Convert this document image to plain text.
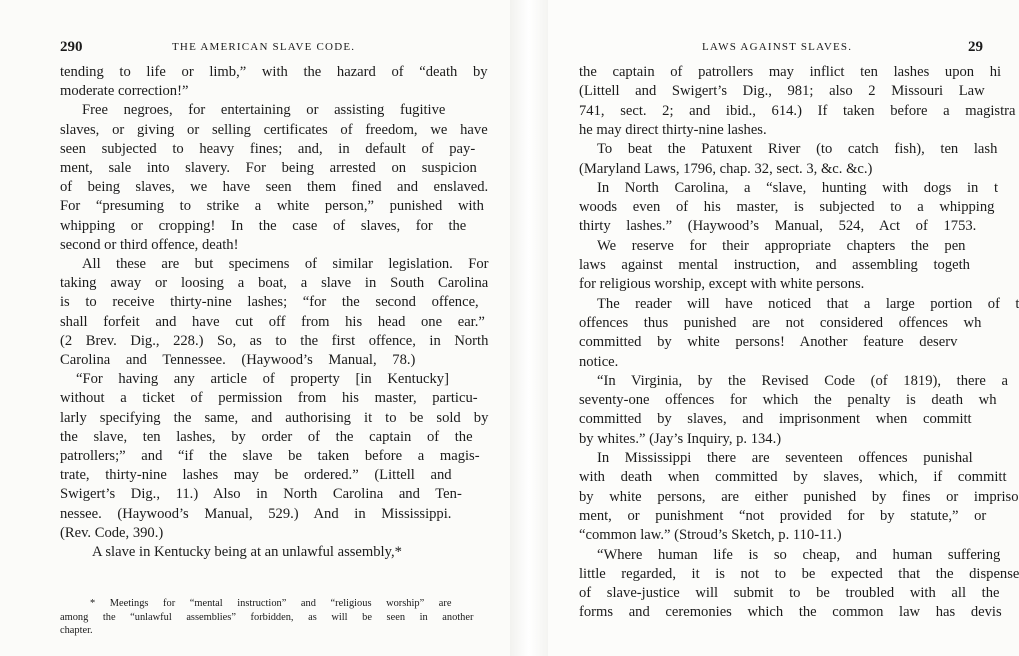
290	THE AMERICAN SLAVE CODE.
tending to life or limb,” with the hazard of “death by
moderate correction!”
Free negroes, for entertaining or assisting fugitive
slaves, or giving or selling certificates of freedom, we have
seen subjected to heavy fines; and, in default of pay-
ment, sale into slavery. For being arrested on suspicion
of being slaves, we have seen them fined and enslaved.
For “presuming to strike a white person,” punished with
whipping or cropping! In the case of slaves, for the
second or third offence, death!
All these are but specimens of similar legislation. For
taking away or loosing a boat, a slave in South Carolina
is to receive thirty-nine lashes; “for the second offence,
shall forfeit and have cut off from his head one ear.”
(2 Brev. Dig., 228.) So, as to the first offence, in North
Carolina and Tennessee. (Haywood’s Manual, 78.)
“For having any article of property [in Kentucky]
without a ticket of permission from his master, particu-
larly specifying the same, and authorising it to be sold by
the slave, ten lashes, by order of the captain of the
patrollers;” and “if the slave be taken before a magis-
trate, thirty-nine lashes may be ordered.” (Littell and
Swigert’s Dig., 11.) Also in North Carolina and Ten-
nessee. (Haywood’s Manual, 529.) And in Mississippi.
(Rev. Code, 390.)
A slave in Kentucky being at an unlawful assembly,*
* Meetings for “mental instruction” and “religious worship” are
among the “unlawful assemblies” forbidden, as will be seen in another
chapter.
LAWS AGAINST SLAVES.	29
the captain of patrollers may inflict ten lashes upon hi
(Littell and Swigert’s Dig., 981; also 2 Missouri Law
741, sect. 2; and ibid., 614.) If taken before a magistra
he may direct thirty-nine lashes.
To beat the Patuxent River (to catch fish), ten lash
(Maryland Laws, 1796, chap. 32, sect. 3, &c. &c.)
In North Carolina, a “slave, hunting with dogs in t
woods even of his master, is subjected to a whipping
thirty lashes.” (Haywood’s Manual, 524, Act of 1753.
We reserve for their appropriate chapters the pen
laws against mental instruction, and assembling togeth
for religious worship, except with white persons.
The reader will have noticed that a large portion of t
offences thus punished are not considered offences wh
committed by white persons! Another feature deserv
notice.
“In Virginia, by the Revised Code (of 1819), there a
seventy-one offences for which the penalty is death wh
committed by slaves, and imprisonment when committ
by whites.” (Jay’s Inquiry, p. 134.)
In Mississippi there are seventeen offences punishal
with death when committed by slaves, which, if committ
by white persons, are either punished by fines or impriso
ment, or punishment “not provided for by statute,” or
“common law.” (Stroud’s Sketch, p. 110-11.)
“Where human life is so cheap, and human suffering
little regarded, it is not to be expected that the dispense
of slave-justice will submit to be troubled with all the
forms and ceremonies which the common law has devis
